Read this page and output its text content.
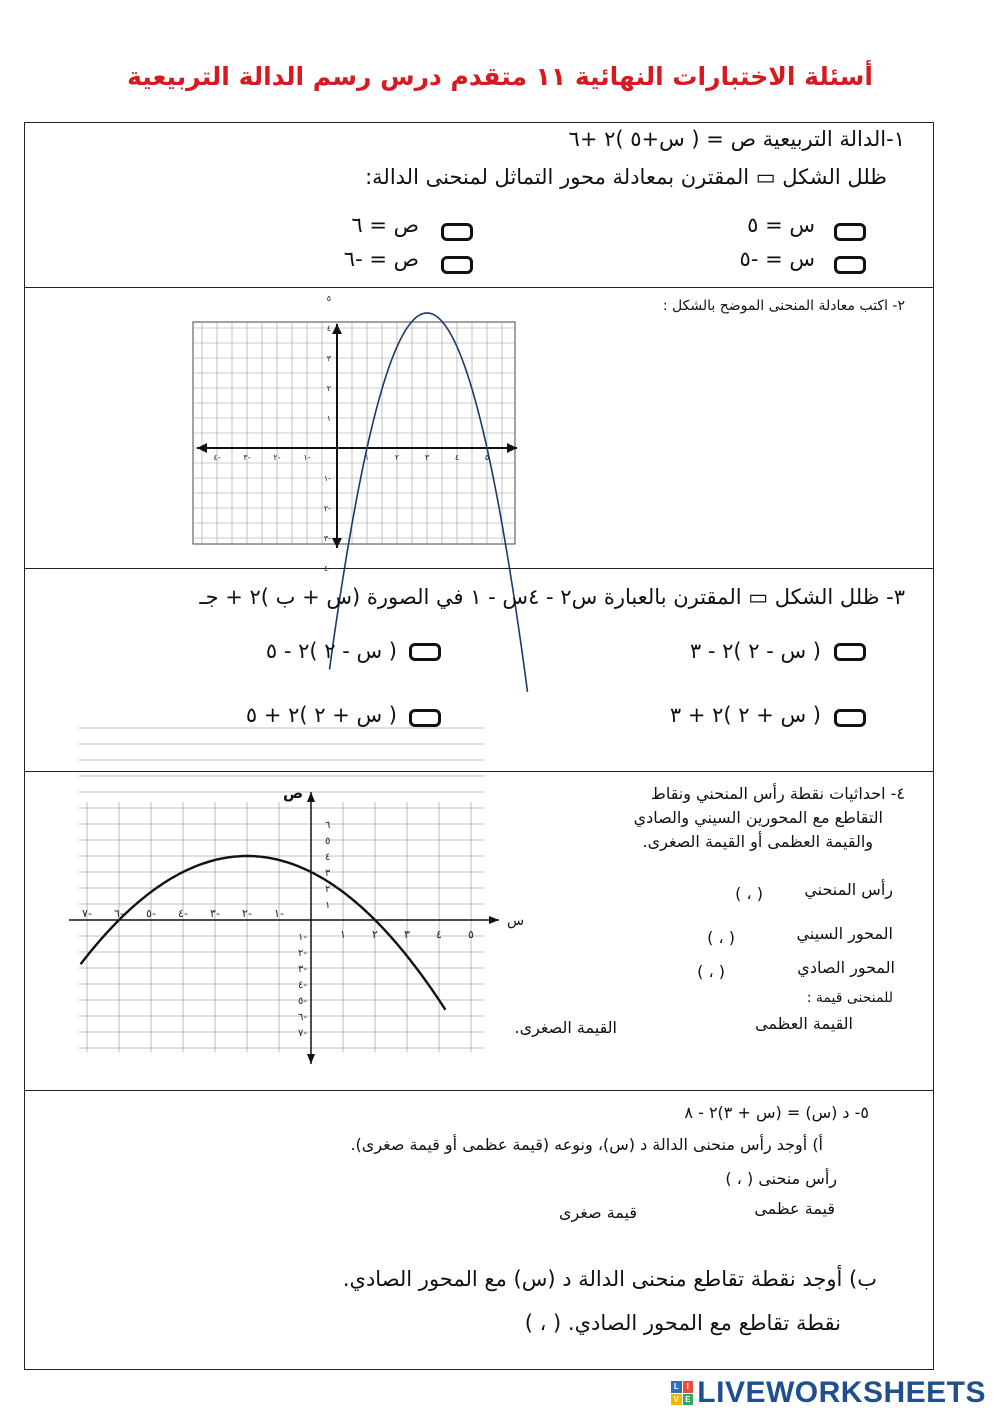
أسئلة الاختبارات النهائية ١١ متقدم درس رسم الدالة التربيعية
١-الدالة التربيعية ص = ( س+٥ )٢ +٦
ظلل الشكل ▭ المقترن بمعادلة محور التماثل لمنحنى الدالة:
س = ٥
ص = ٦
س = -٥
ص = -٦
٢- اكتب معادلة المنحنى الموضح بالشكل :
٤-	٣-	٢-	١-	١	٢	٣	٤	٥
٥
٤
٣
٢
١
١-
٢-
٣-
٤-
٣- ظلل الشكل ▭ المقترن بالعبارة س٢ - ٤س - ١ في الصورة (س + ب )٢ + جـ
( س - ٢ )٢ - ٣
( س - ٢ )٢ - ٥
( س + ٢ )٢ + ٣
( س + ٢ )٢ + ٥
س
ص
٧- ٦- ٥- ٤- ٣- ٢- ١-
١ ٢ ٣ ٤ ٥
٦
٥
٤
٣
٢
١
١-
٢-
٣-
٤-
٥-
٦-
٧-
٤- احداثيات نقطة رأس المنحني ونقاط
التقاطع مع المحورين السيني والصادي
والقيمة العظمى أو القيمة الصغرى.
رأس المنحني
( ، )
المحور السيني
( ، )
المحور الصادي
( ، )
للمنحنى قيمة :
القيمة العظمى
القيمة الصغرى.
٥- د (س) = (س + ٣)٢ - ٨
أ) أوجد رأس منحنى الدالة د (س)، ونوعه (قيمة عظمى أو قيمة صغرى).
رأس منحنى ( ، )
قيمة عظمى
قيمة صغرى
ب) أوجد نقطة تقاطع منحنى الدالة د (س) مع المحور الصادي.
نقطة تقاطع مع المحور الصادي. ( ، )
L I
V E LIVEWORKSHEETS
